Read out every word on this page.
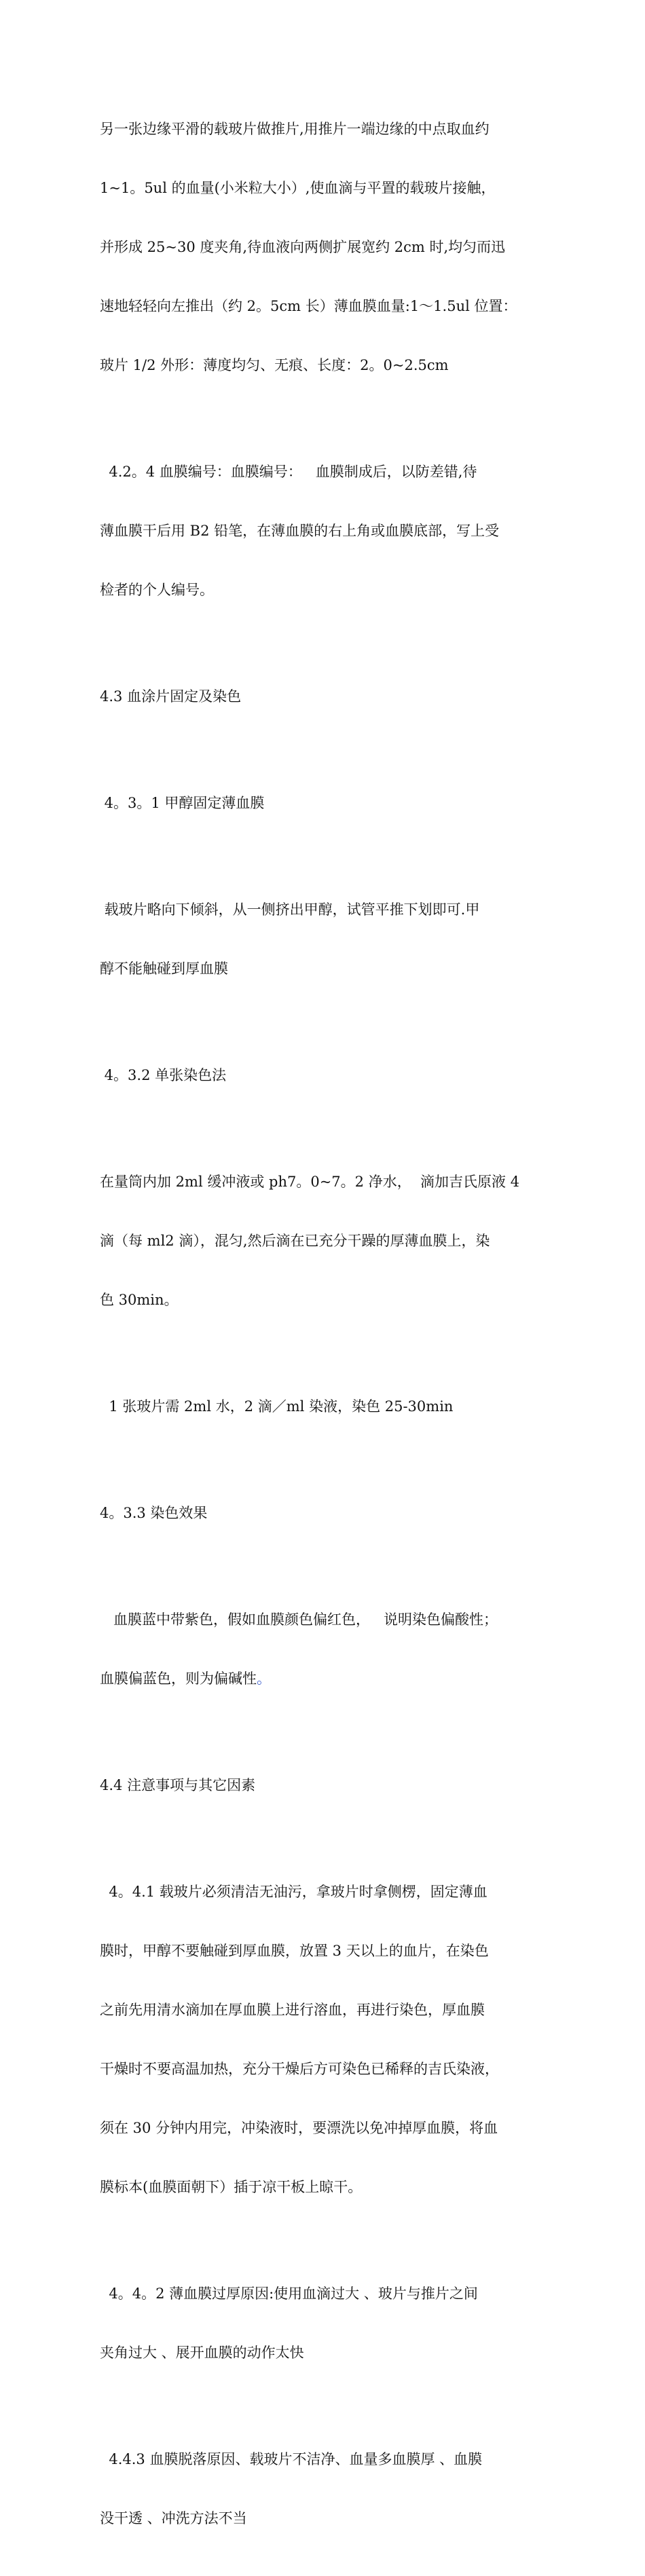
另一张边缘平滑的载玻片做推片,用推片一端边缘的中点取血约

1~1。5ul 的血量(小米粒大小）,使血滴与平置的载玻片接触，

并形成 25~30 度夹角,待血液向两侧扩展宽约 2cm 时,均匀而迅

速地轻轻向左推出（约 2。5cm 长）薄血膜血量:1～1.5ul 位置：

玻片 1/2 外形：薄度均匀、无痕、长度：2。0~2.5cm

4.2。4 血膜编号：血膜编号：   血膜制成后，以防差错,待

薄血膜干后用 B2 铅笔，在薄血膜的右上角或血膜底部，写上受

检者的个人编号。

4.3 血涂片固定及染色

4。3。1 甲醇固定薄血膜

载玻片略向下倾斜，从一侧挤出甲醇，试管平推下划即可.甲

醇不能触碰到厚血膜

4。3.2 单张染色法

在量筒内加 2ml 缓冲液或 ph7。0~7。2 净水，  滴加吉氏原液 4

滴（每 ml2 滴），混匀,然后滴在已充分干躁的厚薄血膜上，染

色 30min。

1 张玻片需 2ml 水，2 滴／ml 染液，染色 25-30min

4。3.3 染色效果

血膜蓝中带紫色，假如血膜颜色偏红色，   说明染色偏酸性；

血膜偏蓝色，则为偏碱性。

4.4 注意事项与其它因素

4。4.1 载玻片必须清洁无油污，拿玻片时拿侧楞，固定薄血

膜时，甲醇不要触碰到厚血膜，放置 3 天以上的血片，在染色

之前先用清水滴加在厚血膜上进行溶血，再进行染色，厚血膜

干燥时不要高温加热，充分干燥后方可染色已稀释的吉氏染液，

须在 30 分钟内用完，冲染液时，要漂洗以免冲掉厚血膜，将血

膜标本(血膜面朝下）插于凉干板上晾干。

4。4。2 薄血膜过厚原因:使用血滴过大 、玻片与推片之间

夹角过大 、展开血膜的动作太快

4.4.3 血膜脱落原因、载玻片不洁净、血量多血膜厚 、血膜

没干透 、冲洗方法不当
